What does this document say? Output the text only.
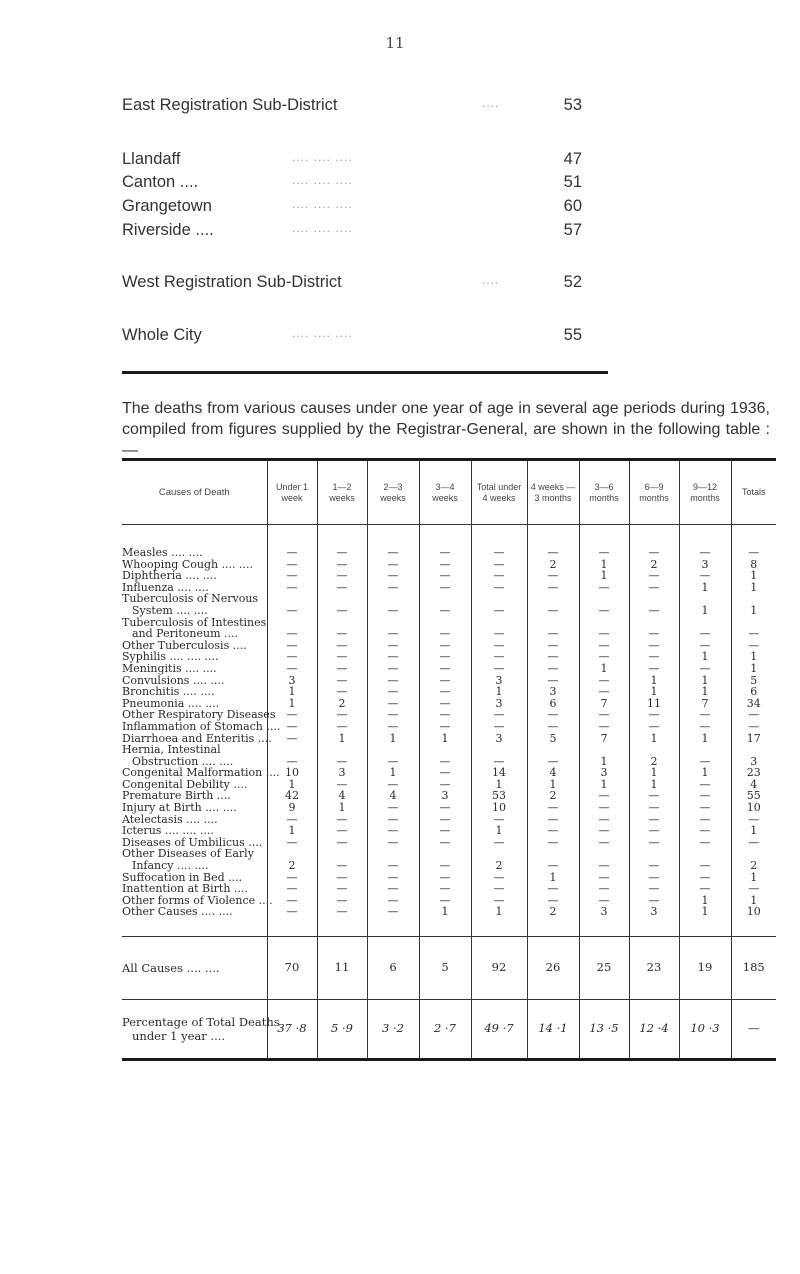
11
East Registration Sub-District	....	53
Llandaff	.... .... ....	47
Canton ....	.... .... ....	51
Grangetown	.... .... ....	60
Riverside ....	.... .... ....	57
West Registration Sub-District	....	52
Whole City	.... .... ....	55
The deaths from various causes under one year of age in several age periods during 1936, compiled from figures supplied by the Registrar-General, are shown in the following table :—
Causes of Death	Under 1 week	1—2 weeks	2—3 weeks	3—4 weeks	Total under 4 weeks	4 weeks —3 months	3—6 months	6—9 months	9—12 months	Totals

Measles .... ....	—	—	—	—	—	—	—	—	—	—

Whooping Cough .... ....	—	—	—	—	—	2	1	2	3	8

Diphtheria .... ....	—	—	—	—	—	—	1	—	—	1

Influenza .... ....	—	—	—	—	—	—	—	—	1	1

Tuberculosis of Nervous
System .... ....	—	—	—	—	—	—	—	—	1	1

Tuberculosis of Intestines
and Peritoneum ....	—	—	—	—	—	—	—	—	—	—

Other Tuberculosis ....	—	—	—	—	—	—	—	—	—	—

Syphilis .... .... ....	—	—	—	—	—	—	—	—	1	1

Meningitis .... ....	—	—	—	—	—	—	1	—	—	1

Convulsions .... ....	3	—	—	—	3	—	—	1	1	5

Bronchitis .... ....	1	—	—	—	1	3	—	1	1	6

Pneumonia .... ....	1	2	—	—	3	6	7	11	7	34

Other Respiratory Diseases	—	—	—	—	—	—	—	—	—	—

Inflammation of Stomach ....	—	—	—	—	—	—	—	—	—	—

Diarrhoea and Enteritis ....	—	1	1	1	3	5	7	1	1	17

Hernia, Intestinal
Obstruction .... ....	—	—	—	—	—	—	1	2	—	3

Congenital Malformation ....	10	3	1	—	14	4	3	1	1	23

Congenital Debility ....	1	—	—	—	1	1	1	1	—	4

Premature Birth ....	42	4	4	3	53	2	—	—	—	55

Injury at Birth .... ....	9	1	—	—	10	—	—	—	—	10

Atelectasis .... ....	—	—	—	—	—	—	—	—	—	—

Icterus .... .... ....	1	—	—	—	1	—	—	—	—	1

Diseases of Umbilicus ....	—	—	—	—	—	—	—	—	—	—

Other Diseases of Early
Infancy .... ....	2	—	—	—	2	—	—	—	—	2

Suffocation in Bed ....	—	—	—	—	—	1	—	—	—	1

Inattention at Birth ....	—	—	—	—	—	—	—	—	—	—

Other forms of Violence ....	—	—	—	—	—	—	—	—	1	1

Other Causes .... ....	—	—	—	1	1	2	3	3	1	10

All Causes .... ....	70	11	6	5	92	26	25	23	19	185

Percentage of Total Deaths
under 1 year ....	37 ·8	5 ·9	3 ·2	2 ·7	49 ·7	14 ·1	13 ·5	12 ·4	10 ·3	—
